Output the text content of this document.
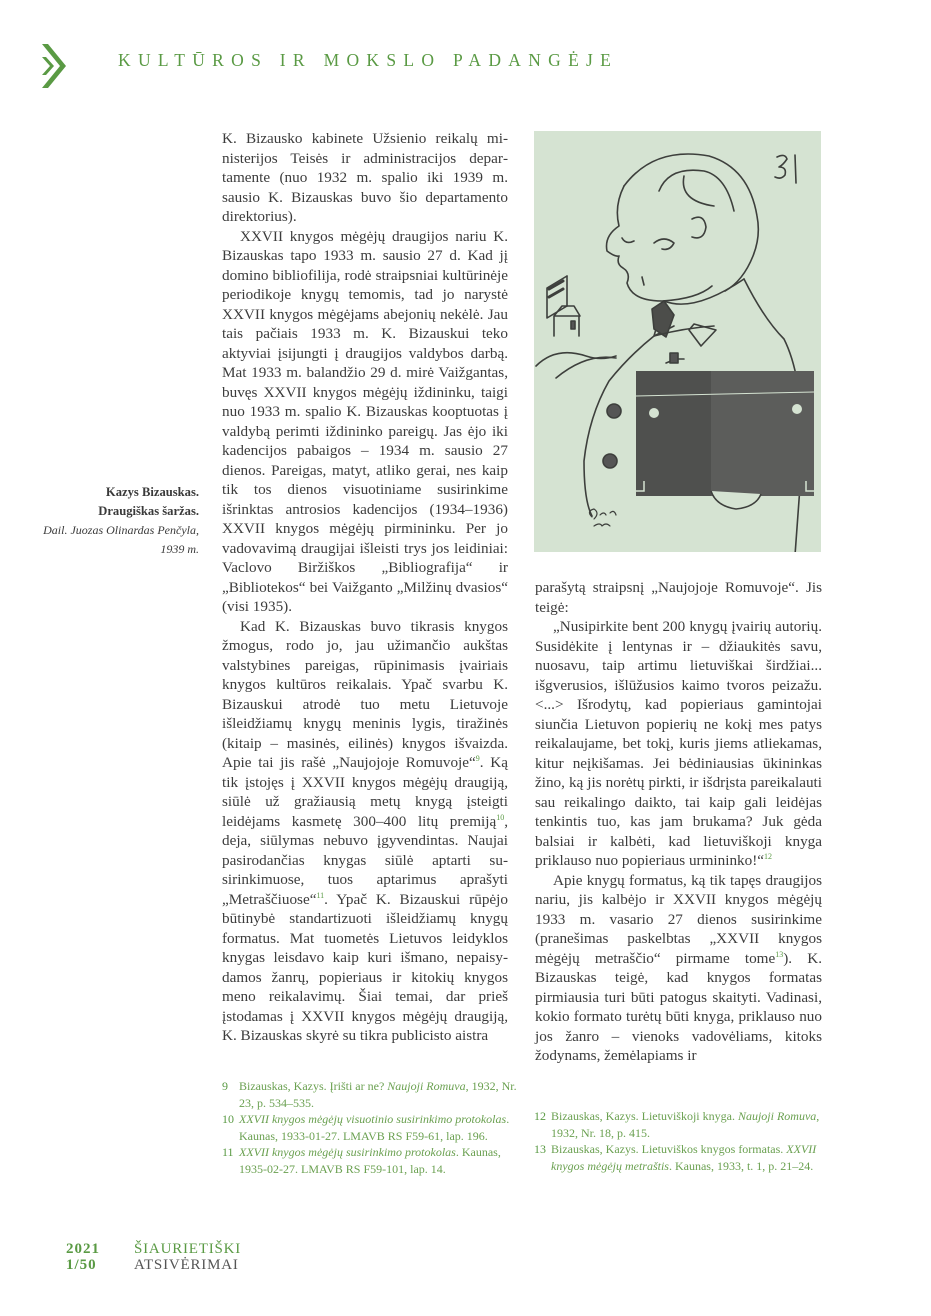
KULTŪROS IR MOKSLO PADANGĖJE
Kazys Bizauskas.
Draugiškas šaržas.
Dail. Juozas Olinardas Penčyla,
1939 m.

K. Bizausko kabinete Užsienio reikalų ministerijos Teisės ir administracijos departamente (nuo 1932 m. spalio iki 1939 m. sausio K. Bizauskas buvo šio departamento direktorius).

XXVII knygos mėgėjų draugijos nariu K. Bizauskas tapo 1933 m. sausio 27 d. Kad jį domino bibliofilija, rodė straipsniai kultūrinėje periodikoje knygų temomis, tad jo narystė XXVII knygos mėgėjams abejonių nekėlė. Jau tais pačiais 1933 m. K. Bizauskui teko aktyviai įsijungti į draugijos valdybos darbą. Mat 1933 m. balandžio 29 d. mirė Vaižgantas, buvęs XXVII knygos mėgėjų iždininku, taigi nuo 1933 m. spalio K. Bizauskas kooptuotas į valdybą perimti iždininko pareigų. Jas ėjo iki kadencijos pabaigos – 1934 m. sausio 27 dienos. Pareigas, matyt, atliko gerai, nes kaip tik tos dienos visuotiniame susirinkime išrinktas antrosios kadencijos (1934–1936) XXVII knygos mėgėjų pirmininku. Per jo vadovavimą draugijai išleisti trys jos leidiniai: Vaclovo Biržiškos „Bibliografija“ ir „Bibliotekos“ bei Vaižganto „Milžinų dvasios“ (visi 1935).

Kad K. Bizauskas buvo tikrasis knygos žmogus, rodo jo, jau užimančio aukštas valstybines pareigas, rūpinimasis įvairiais knygos kultūros reikalais. Ypač svarbu K. Bizauskui atrodė tuo metu Lietuvoje išleidžiamų knygų meninis lygis, tiražinės (kitaip – masinės, eilinės) knygos išvaizda. Apie tai jis rašė „Naujojoje Romuvoje“$^9$. Ką tik įstojęs į XXVII knygos mėgėjų draugiją, siūlė už gražiausią metų knygą įsteigti leidėjams kasmetę 300–400 litų premiją$^{10}$, deja, siūlymas nebuvo įgyvendintas. Naujai pasirodančias knygas siūlė aptarti susirinkimuose, tuos aptarimus aprašyti „Metraščiuose“$^{11}$. Ypač K. Bizauskui rūpėjo būtinybė standartizuoti išleidžiamų knygų formatus. Mat tuometės Lietuvos leidyklos knygas leisdavo kaip kuri išmano, nepaisydamos žanrų, popieriaus ir kitokių knygos meno reikalavimų. Šiai temai, dar prieš įstodamas į XXVII knygos mėgėjų draugiją, K. Bizauskas skyrė su tikra publicisto aistra

parašytą straipsnį „Naujojoje Romuvoje“. Jis teigė:

„Nusipirkite bent 200 knygų įvairių autorių. Susidėkite į lentynas ir – džiaukitės savu, nuosavu, taip artimu lietuviškai širdžiai... išgverusios, išlūžusios kaimo tvoros peizažu. <...> Išrodytų, kad popieriaus gamintojai siunčia Lietuvon popierių ne kokį mes patys reikalaujame, bet tokį, kuris jiems atliekamas, kitur neįkišamas. Jei bėdiniausias ūkininkas žino, ką jis norėtų pirkti, ir išdrįsta pareikalauti sau reikalingo daikto, tai kaip gali leidėjas tenkintis tuo, kas jam brukama? Juk gėda balsiai ir kalbėti, kad lietuviškoji knyga priklauso nuo popieriaus urmininko!“$^{12}$

Apie knygų formatus, ką tik tapęs draugijos nariu, jis kalbėjo ir XXVII knygos mėgėjų 1933 m. vasario 27 dienos susirinkime (pranešimas paskelbtas „XXVII knygos mėgėjų metraščio“ pirmame tome$^{13}$). K. Bizauskas teigė, kad knygos formatas pirmiausia turi būti patogus skaityti. Vadinasi, kokio formato turėtų būti knyga, priklauso nuo jos žanro – vienoks vadovėliams, kitoks žodynams, žemėlapiams ir

9 Bizauskas, Kazys. Įrišti ar ne? Naujoji Romuva, 1932, Nr. 23, p. 534–535.
10 XXVII knygos mėgėjų visuotinio susirinkimo protokolas. Kaunas, 1933-01-27. LMAVB RS F59-61, lap. 196.
11 XXVII knygos mėgėjų susirinkimo protokolas. Kaunas, 1935-02-27. LMAVB RS F59-101, lap. 14.
12 Bizauskas, Kazys. Lietuviškoji knyga. Naujoji Romuva, 1932, Nr. 18, p. 415.
13 Bizauskas, Kazys. Lietuviškos knygos formatas. XXVII knygos mėgėjų metraštis. Kaunas, 1933, t. 1, p. 21–24.
2021	ŠIAURIETIŠKI
1/50	ATSIVĖRIMAI
